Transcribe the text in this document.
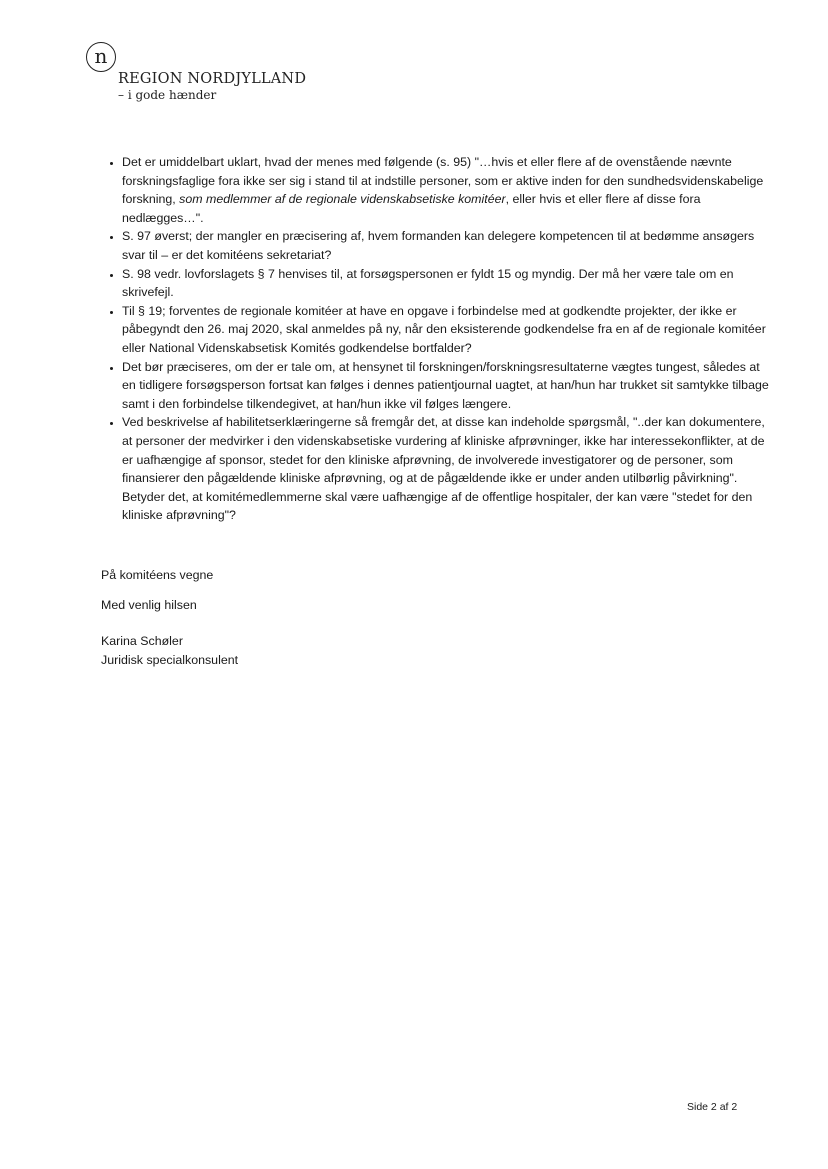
n
REGION NORDJYLLAND
– i gode hænder
• Det er umiddelbart uklart, hvad der menes med følgende (s. 95) "…hvis et eller flere af de ovenstående nævnte forskningsfaglige fora ikke ser sig i stand til at indstille personer, som er aktive inden for den sundhedsvidenskabelige forskning, som medlemmer af de regionale videnskabsetiske komitéer, eller hvis et eller flere af disse fora nedlægges…".
• S. 97 øverst; der mangler en præcisering af, hvem formanden kan delegere kompetencen til at bedømme ansøgers svar til – er det komitéens sekretariat?
• S. 98 vedr. lovforslagets § 7 henvises til, at forsøgspersonen er fyldt 15 og myndig. Der må her være tale om en skrivefejl.
• Til § 19; forventes de regionale komitéer at have en opgave i forbindelse med at godkendte projekter, der ikke er påbegyndt den 26. maj 2020, skal anmeldes på ny, når den eksisterende godkendelse fra en af de regionale komitéer eller National Videnskabsetisk Komités godkendelse bortfalder?
• Det bør præciseres, om der er tale om, at hensynet til forskningen/forskningsresultaterne vægtes tungest, således at en tidligere forsøgsperson fortsat kan følges i dennes patientjournal uagtet, at han/hun har trukket sit samtykke tilbage samt i den forbindelse tilkendegivet, at han/hun ikke vil følges længere.
• Ved beskrivelse af habilitetserklæringerne så fremgår det, at disse kan indeholde spørgsmål, "..der kan dokumentere, at personer der medvirker i den videnskabsetiske vurdering af kliniske afprøvninger, ikke har interessekonflikter, at de er uafhængige af sponsor, stedet for den kliniske afprøvning, de involverede investigatorer og de personer, som finansierer den pågældende kliniske afprøvning, og at de pågældende ikke er under anden utilbørlig påvirkning". Betyder det, at komitémedlemmerne skal være uafhængige af de offentlige hospitaler, der kan være "stedet for den kliniske afprøvning"?

På komitéens vegne

Med venlig hilsen

Karina Schøler

Juridisk specialkonsulent

Side 2 af 2
